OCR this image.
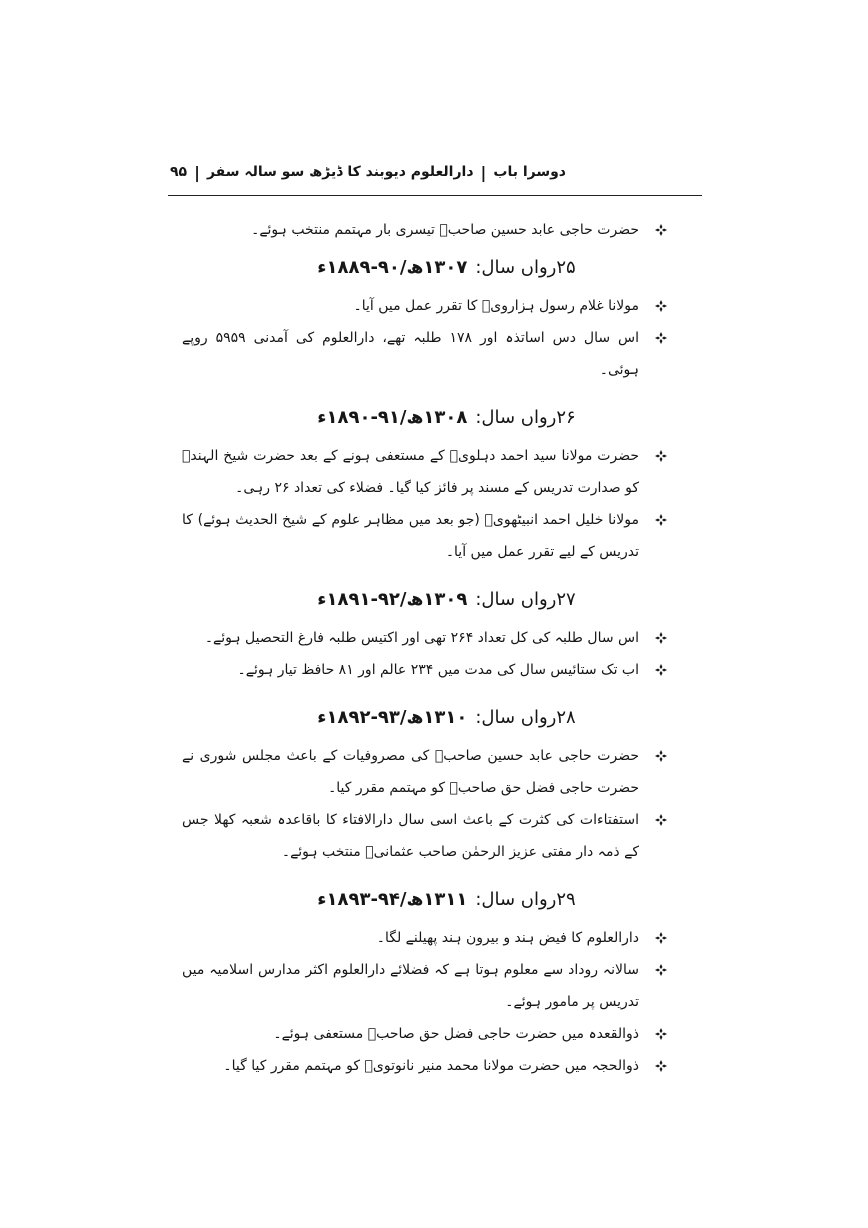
دوسرا باب
|
دارالعلوم دیوبند کا ڈیڑھ سو سالہ سفر
|
۹۵

حضرت حاجی عابد حسین صاحبؒ تیسری بار مہتمم منتخب ہوئے۔

۲۵رواں سال:۱۳۰۷ھ/۹۰-۱۸۸۹ء

مولانا غلام رسول ہزارویؒ کا تقرر عمل میں آیا۔

اس سال دس اساتذہ اور ۱۷۸ طلبہ تھے، دارالعلوم کی آمدنی ۵۹۵۹ روپے ہوئی۔

۲۶رواں سال:۱۳۰۸ھ/۹۱-۱۸۹۰ء

حضرت مولانا سید احمد دہلویؒ کے مستعفی ہونے کے بعد حضرت شیخ الہندؒ کو صدارت تدریس کے مسند پر فائز کیا گیا۔ فضلاء کی تعداد ۲۶ رہی۔

مولانا خلیل احمد انبیٹھویؒ (جو بعد میں مظاہر علوم کے شیخ الحدیث ہوئے) کا تدریس کے لیے تقرر عمل میں آیا۔

۲۷رواں سال:۱۳۰۹ھ/۹۲-۱۸۹۱ء

اس سال طلبہ کی کل تعداد ۲۶۴ تھی اور اکتیس طلبہ فارغ التحصیل ہوئے۔

اب تک ستائیس سال کی مدت میں ۲۳۴ عالم اور ۸۱ حافظ تیار ہوئے۔

۲۸رواں سال:۱۳۱۰ھ/۹۳-۱۸۹۲ء

حضرت حاجی عابد حسین صاحبؒ کی مصروفیات کے باعث مجلس شوری نے حضرت حاجی فضل حق صاحبؒ کو مہتمم مقرر کیا۔

استفتاءات کی کثرت کے باعث اسی سال دارالافتاء کا باقاعدہ شعبہ کھلا جس کے ذمہ دار مفتی عزیز الرحمٰن صاحب عثمانیؒ منتخب ہوئے۔

۲۹رواں سال:۱۳۱۱ھ/۹۴-۱۸۹۳ء

دارالعلوم کا فیض ہند و بیرون ہند پھیلنے لگا۔

سالانہ روداد سے معلوم ہوتا ہے کہ فضلائے دارالعلوم اکثر مدارس اسلامیہ میں تدریس پر مامور ہوئے۔

ذوالقعدہ میں حضرت حاجی فضل حق صاحبؒ مستعفی ہوئے۔

ذوالحجہ میں حضرت مولانا محمد منیر نانوتویؒ کو مہتمم مقرر کیا گیا۔
